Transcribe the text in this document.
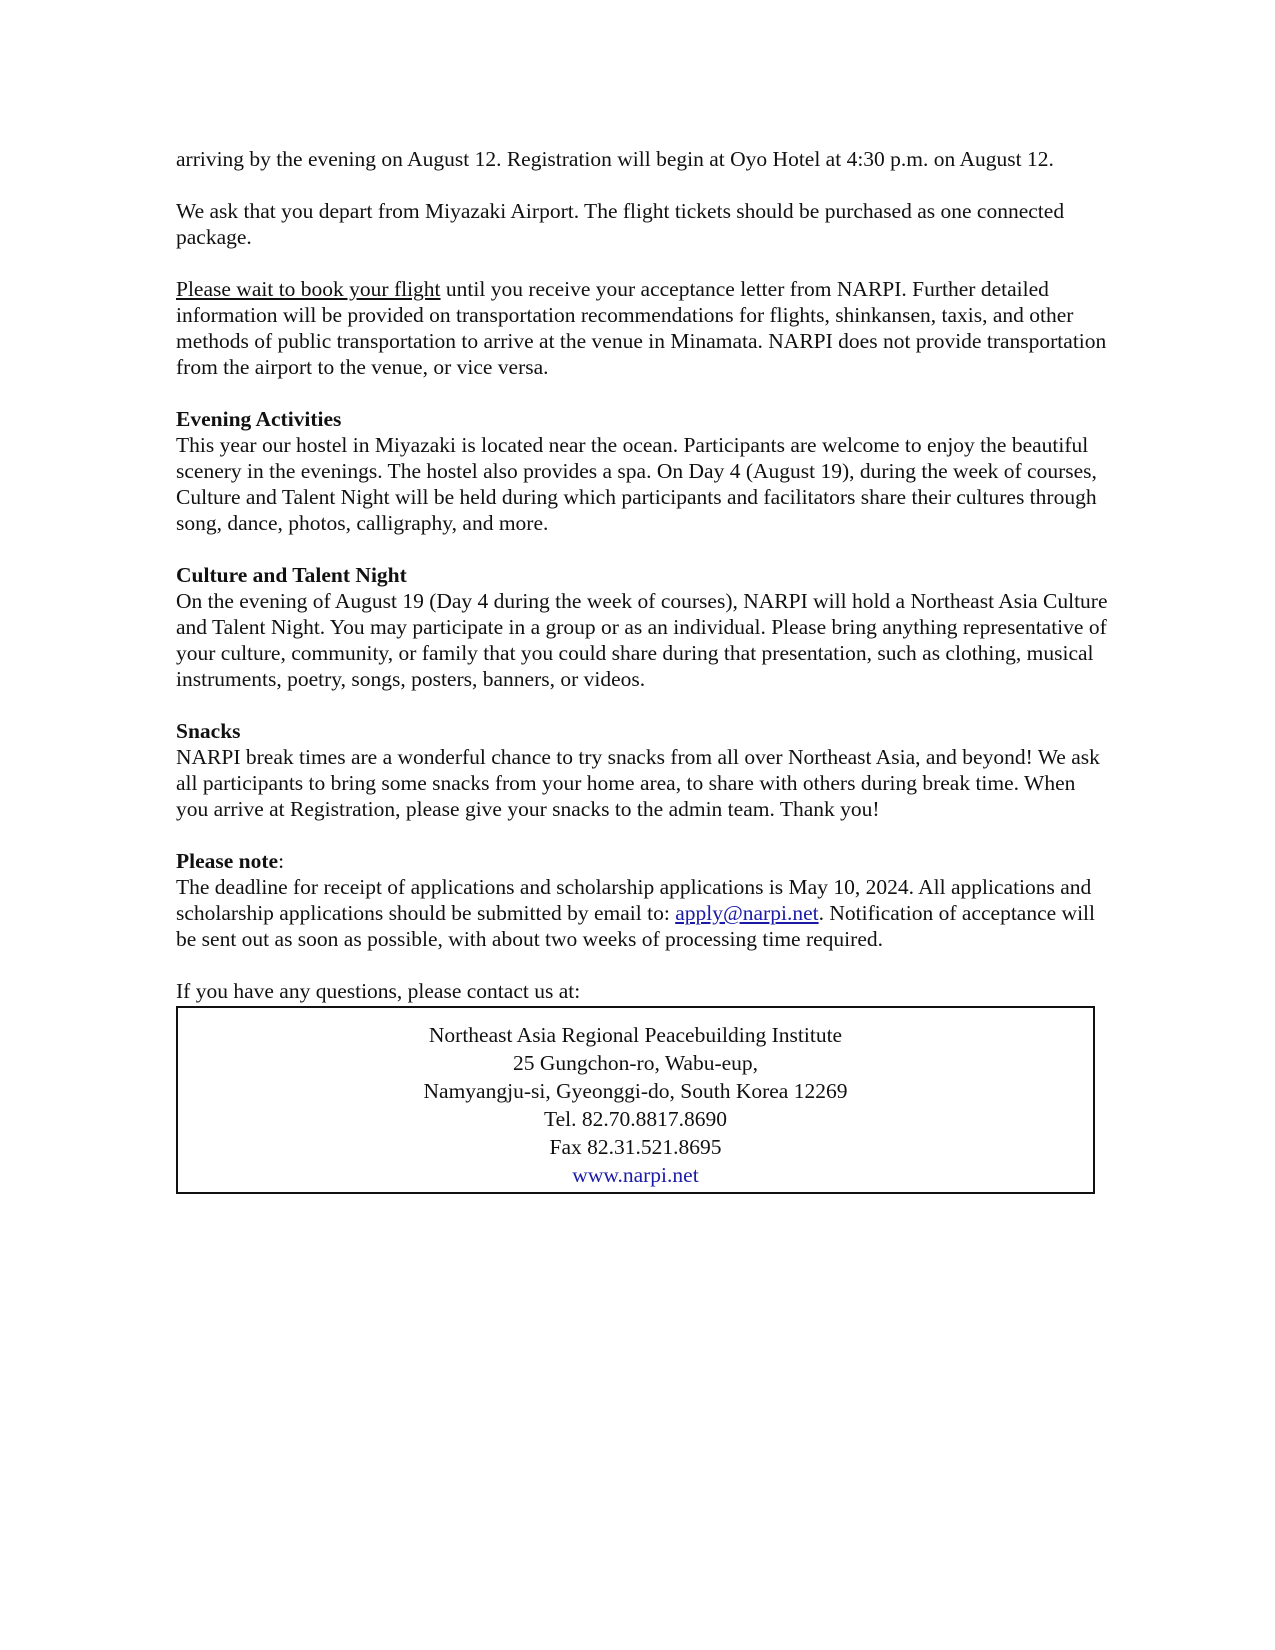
arriving by the evening on August 12. Registration will begin at Oyo Hotel at 4:30 p.m. on August 12.

We ask that you depart from Miyazaki Airport. The flight tickets should be purchased as one connected package.

Please wait to book your flight until you receive your acceptance letter from NARPI. Further detailed information will be provided on transportation recommendations for flights, shinkansen, taxis, and other methods of public transportation to arrive at the venue in Minamata. NARPI does not provide transportation from the airport to the venue, or vice versa.

Evening Activities

This year our hostel in Miyazaki is located near the ocean. Participants are welcome to enjoy the beautiful scenery in the evenings. The hostel also provides a spa. On Day 4 (August 19), during the week of courses, Culture and Talent Night will be held during which participants and facilitators share their cultures through song, dance, photos, calligraphy, and more.

Culture and Talent Night

On the evening of August 19 (Day 4 during the week of courses), NARPI will hold a Northeast Asia Culture and Talent Night. You may participate in a group or as an individual. Please bring anything representative of your culture, community, or family that you could share during that presentation, such as clothing, musical instruments, poetry, songs, posters, banners, or videos.

Snacks

NARPI break times are a wonderful chance to try snacks from all over Northeast Asia, and beyond! We ask all participants to bring some snacks from your home area, to share with others during break time. When you arrive at Registration, please give your snacks to the admin team. Thank you!

Please note:

The deadline for receipt of applications and scholarship applications is May 10, 2024. All applications and scholarship applications should be submitted by email to: apply@narpi.net. Notification of acceptance will be sent out as soon as possible, with about two weeks of processing time required.

If you have any questions, please contact us at:

Northeast Asia Regional Peacebuilding Institute

25 Gungchon-ro, Wabu-eup,

Namyangju-si, Gyeonggi-do, South Korea 12269

Tel. 82.70.8817.8690

Fax 82.31.521.8695

www.narpi.net
